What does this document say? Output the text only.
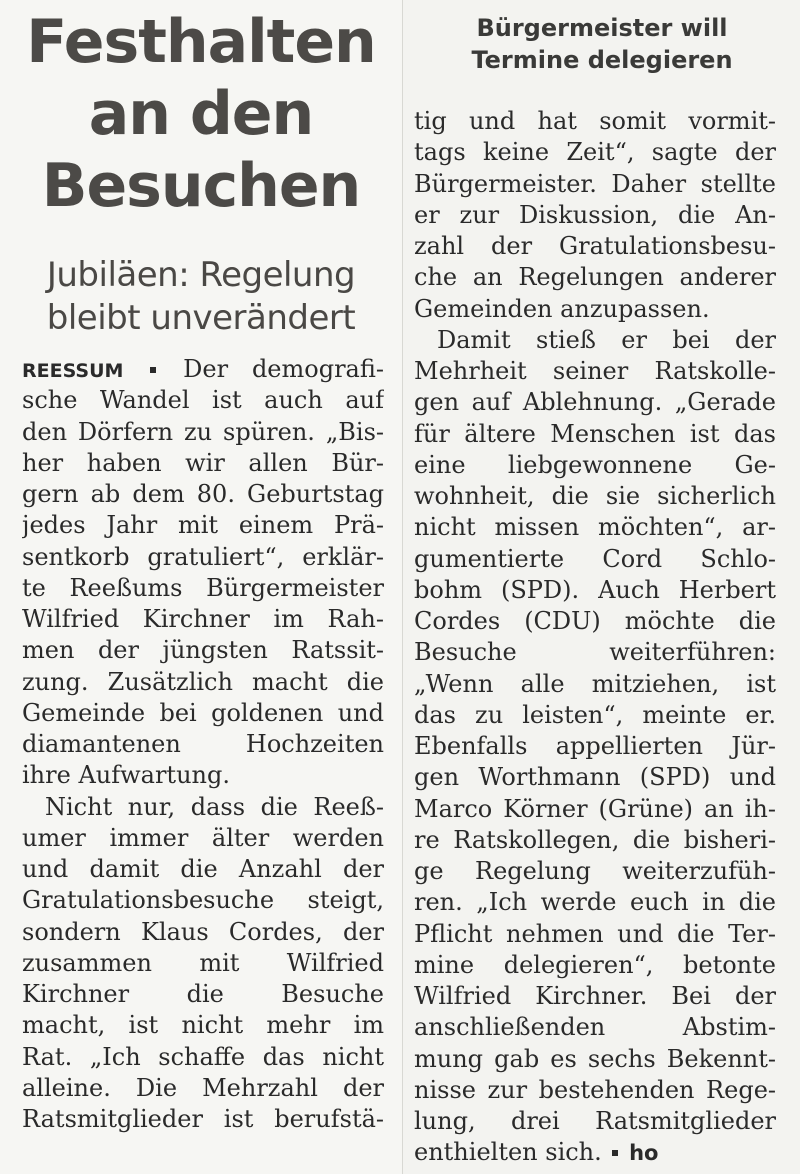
Festhalten
an den
Besuchen
Jubiläen: Regelung
bleibt unverändert
REESSUM Der demografi-
sche Wandel ist auch auf
den Dörfern zu spüren. „Bis-
her haben wir allen Bür-
gern ab dem 80. Geburtstag
jedes Jahr mit einem Prä-
sentkorb gratuliert“, erklär-
te Reeßums Bürgermeister
Wilfried Kirchner im Rah-
men der jüngsten Ratssit-
zung. Zusätzlich macht die
Gemeinde bei goldenen und
diamantenen Hochzeiten
ihre Aufwartung.
Nicht nur, dass die Reeß-
umer immer älter werden
und damit die Anzahl der
Gratulationsbesuche steigt,
sondern Klaus Cordes, der
zusammen mit Wilfried
Kirchner die Besuche
macht, ist nicht mehr im
Rat. „Ich schaffe das nicht
alleine. Die Mehrzahl der
Ratsmitglieder ist berufstä-
Bürgermeister will
Termine delegieren
tig und hat somit vormit-
tags keine Zeit“, sagte der
Bürgermeister. Daher stellte
er zur Diskussion, die An-
zahl der Gratulationsbesu-
che an Regelungen anderer
Gemeinden anzupassen.
Damit stieß er bei der
Mehrheit seiner Ratskolle-
gen auf Ablehnung. „Gerade
für ältere Menschen ist das
eine liebgewonnene Ge-
wohnheit, die sie sicherlich
nicht missen möchten“, ar-
gumentierte Cord Schlo-
bohm (SPD). Auch Herbert
Cordes (CDU) möchte die
Besuche weiterführen:
„Wenn alle mitziehen, ist
das zu leisten“, meinte er.
Ebenfalls appellierten Jür-
gen Worthmann (SPD) und
Marco Körner (Grüne) an ih-
re Ratskollegen, die bisheri-
ge Regelung weiterzufüh-
ren. „Ich werde euch in die
Pflicht nehmen und die Ter-
mine delegieren“, betonte
Wilfried Kirchner. Bei der
anschließenden Abstim-
mung gab es sechs Bekennt-
nisse zur bestehenden Rege-
lung, drei Ratsmitglieder
enthielten sich. ho
